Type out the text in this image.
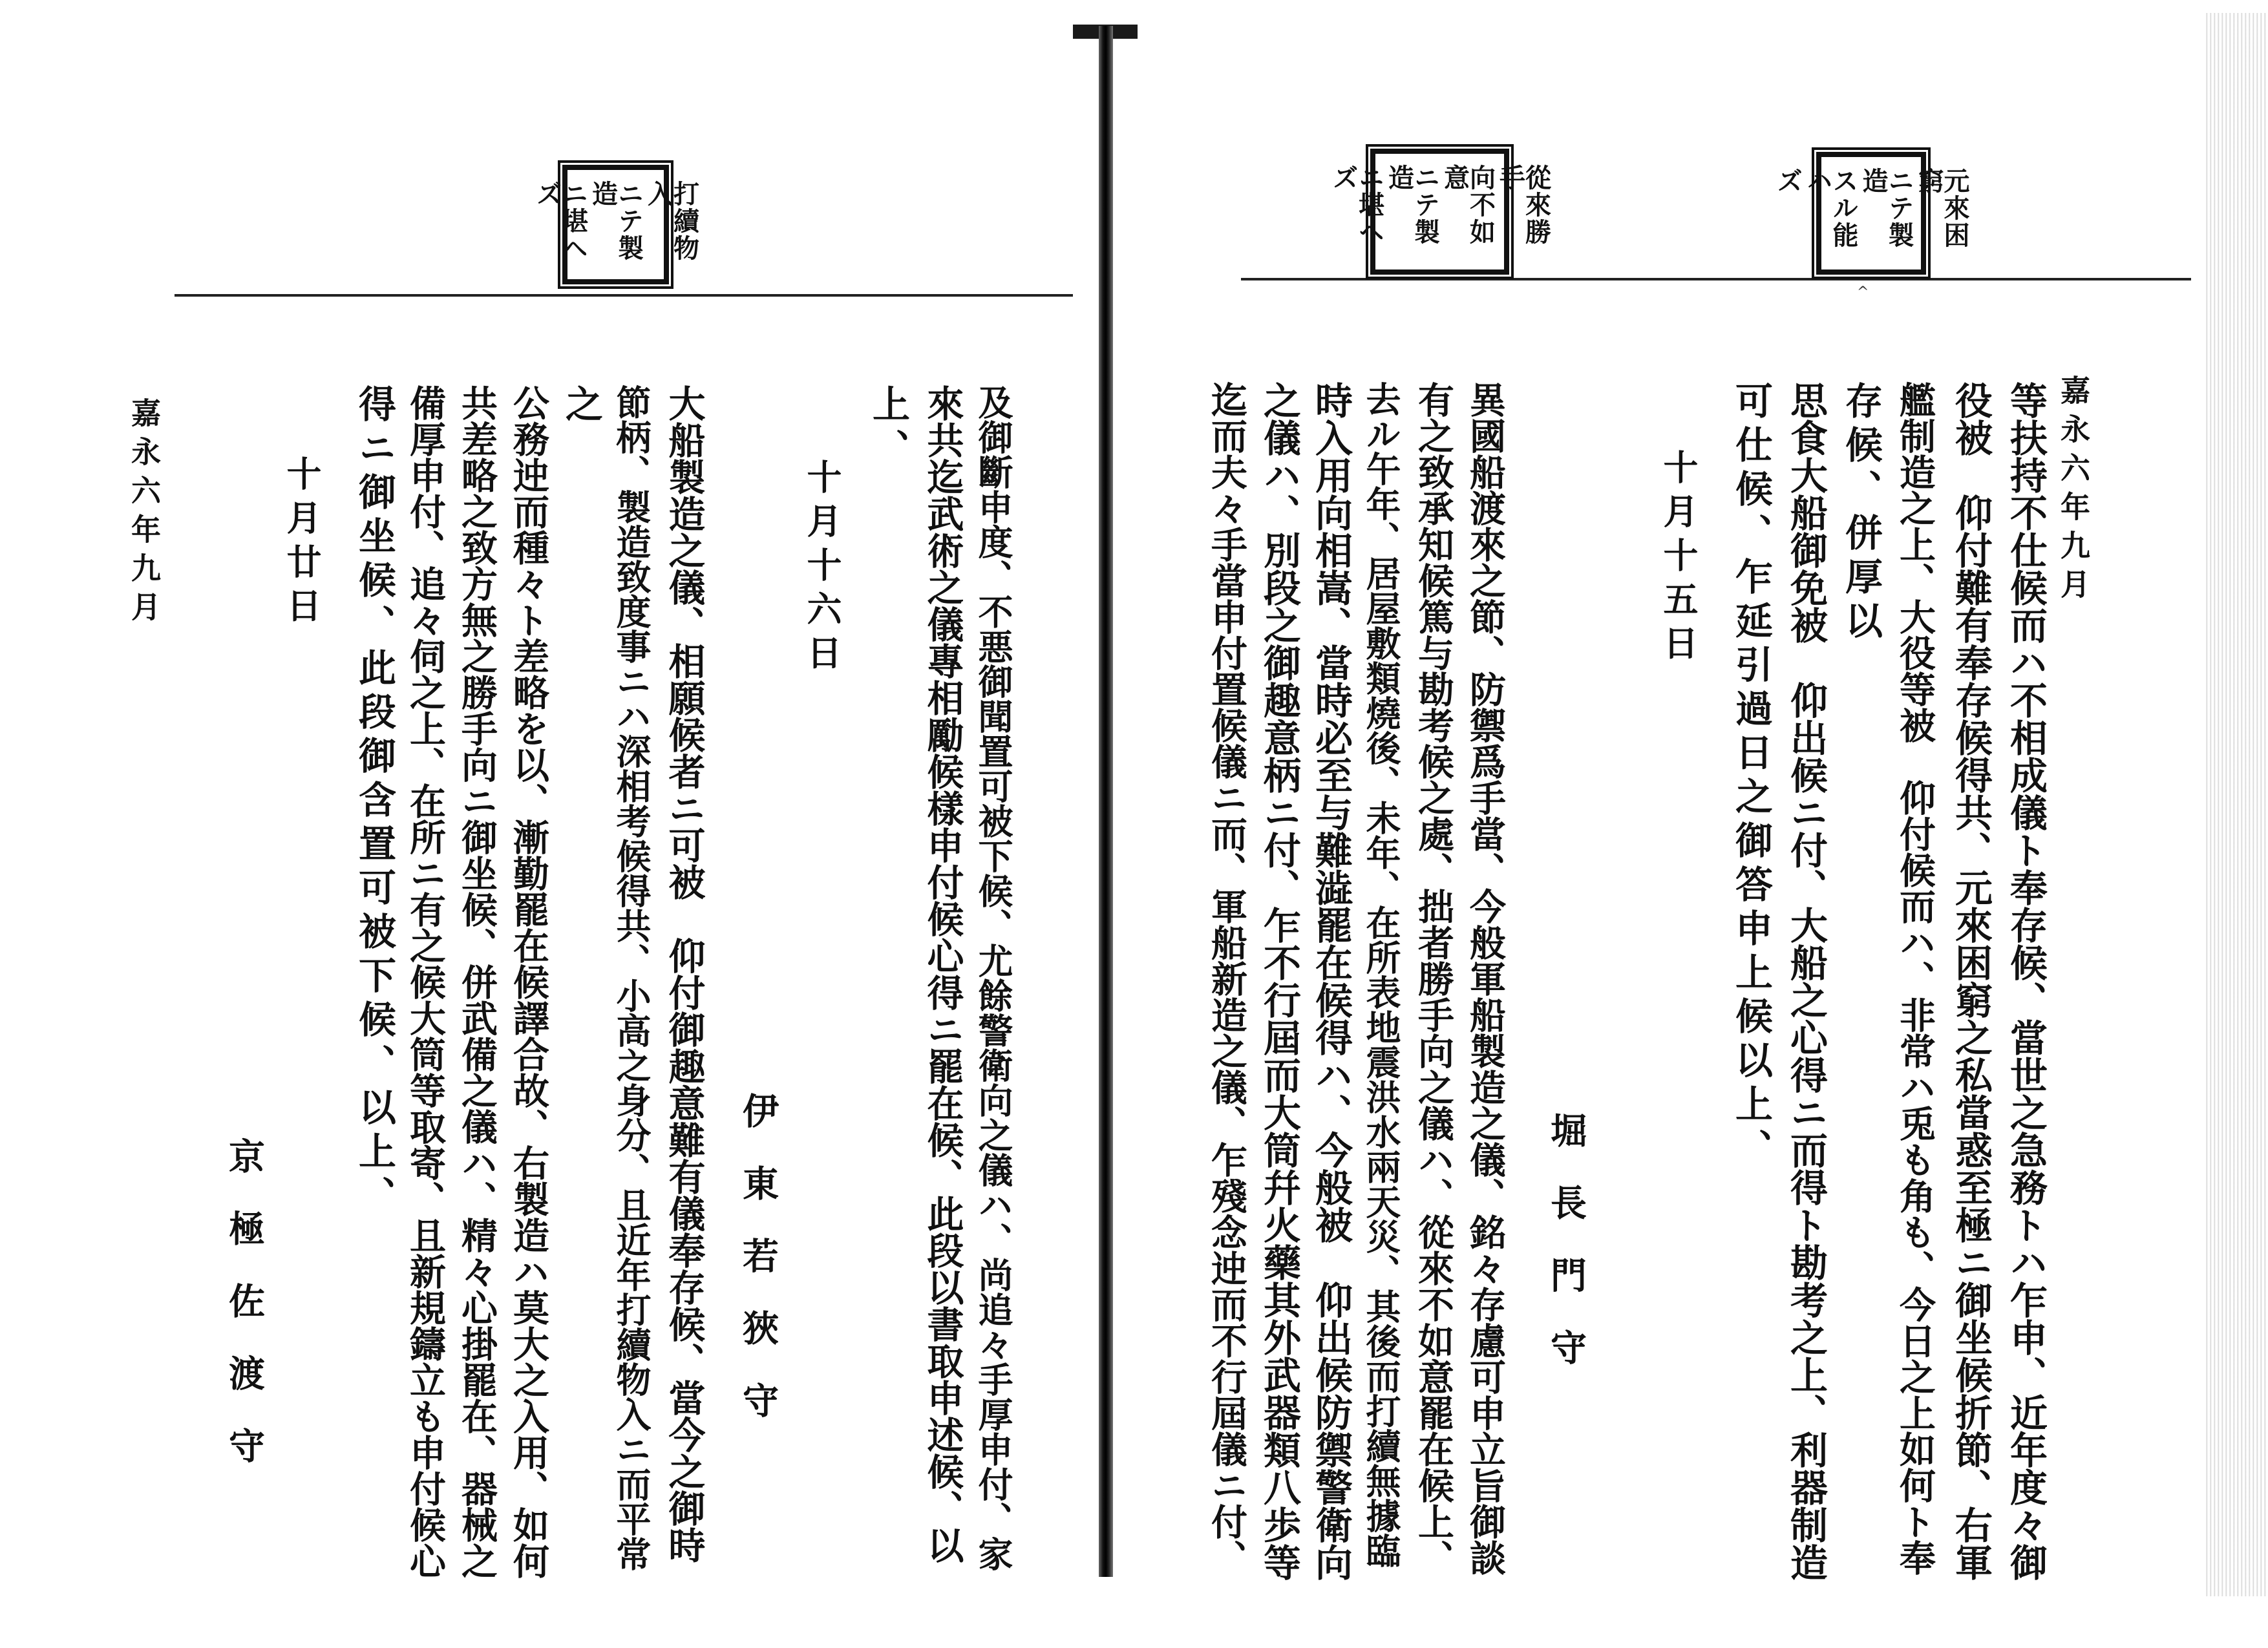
打續物入
ニテ製造
ニ堪ヘズ
及御斷申度、不悪御聞置可被下候、尤餘警衛向之儀ハ、尚追々手厚申付、家
來共迄武術之儀專相勵候樣申付候心得ニ罷在候、此段以書取申述候、以
上、
十月十六日
伊東若狹守
大船製造之儀、相願候者ニ可被　仰付御趣意難有儀奉存候、當今之御時
節柄、製造致度事ニハ深相考候得共、小高之身分、且近年打續物入ニ而平常
之
公務迚而種々ト差略を以、漸勤罷在候譯合故、右製造ハ莫大之入用、如何
共差略之致方無之勝手向ニ御坐候、併武備之儀ハ、精々心掛罷在、器械之
備厚申付、追々伺之上、在所ニ有之候大筒等取寄、且新規鑄立も申付候心
得ニ御坐候、此段御含置可被下候、以上、
十月廿日
京極佐渡守
嘉永六年九月
元來困窮
ニテ製造
スル能ハ
ズ
從來勝手
向不如意
ニテ製造
ニ堪ヘズ
^
嘉永六年九月
等扶持不仕候而ハ不相成儀ト奉存候、當世之急務トハ乍申、近年度々御
役被　仰付難有奉存候得共、元來困窮之私當惑至極ニ御坐候折節、右軍
艦制造之上、大役等被　仰付候而ハ、非常ハ兎も角も、今日之上如何ト奉
存候、併厚以
思食大船御免被　仰出候ニ付、大船之心得ニ而得ト勘考之上、利器制造
可仕候、乍延引過日之御答申上候以上、
十月十五日
堀長門守
異國船渡來之節、防禦爲手當、今般軍船製造之儀、銘々存慮可申立旨御談
有之致承知候篤与勘考候之處、拙者勝手向之儀ハ、從來不如意罷在候上、
去ル午年、居屋敷類燒後、未年、在所表地震洪水兩天災、其後而打續無據臨
時入用向相嵩、當時必至与難澁罷在候得ハ、今般被　仰出候防禦警衛向
之儀ハ、別段之御趣意柄ニ付、乍不行屆而大筒幷火藥其外武器類八歩等
迄而夫々手當申付置候儀ニ而、軍船新造之儀、乍殘念迚而不行屆儀ニ付、
